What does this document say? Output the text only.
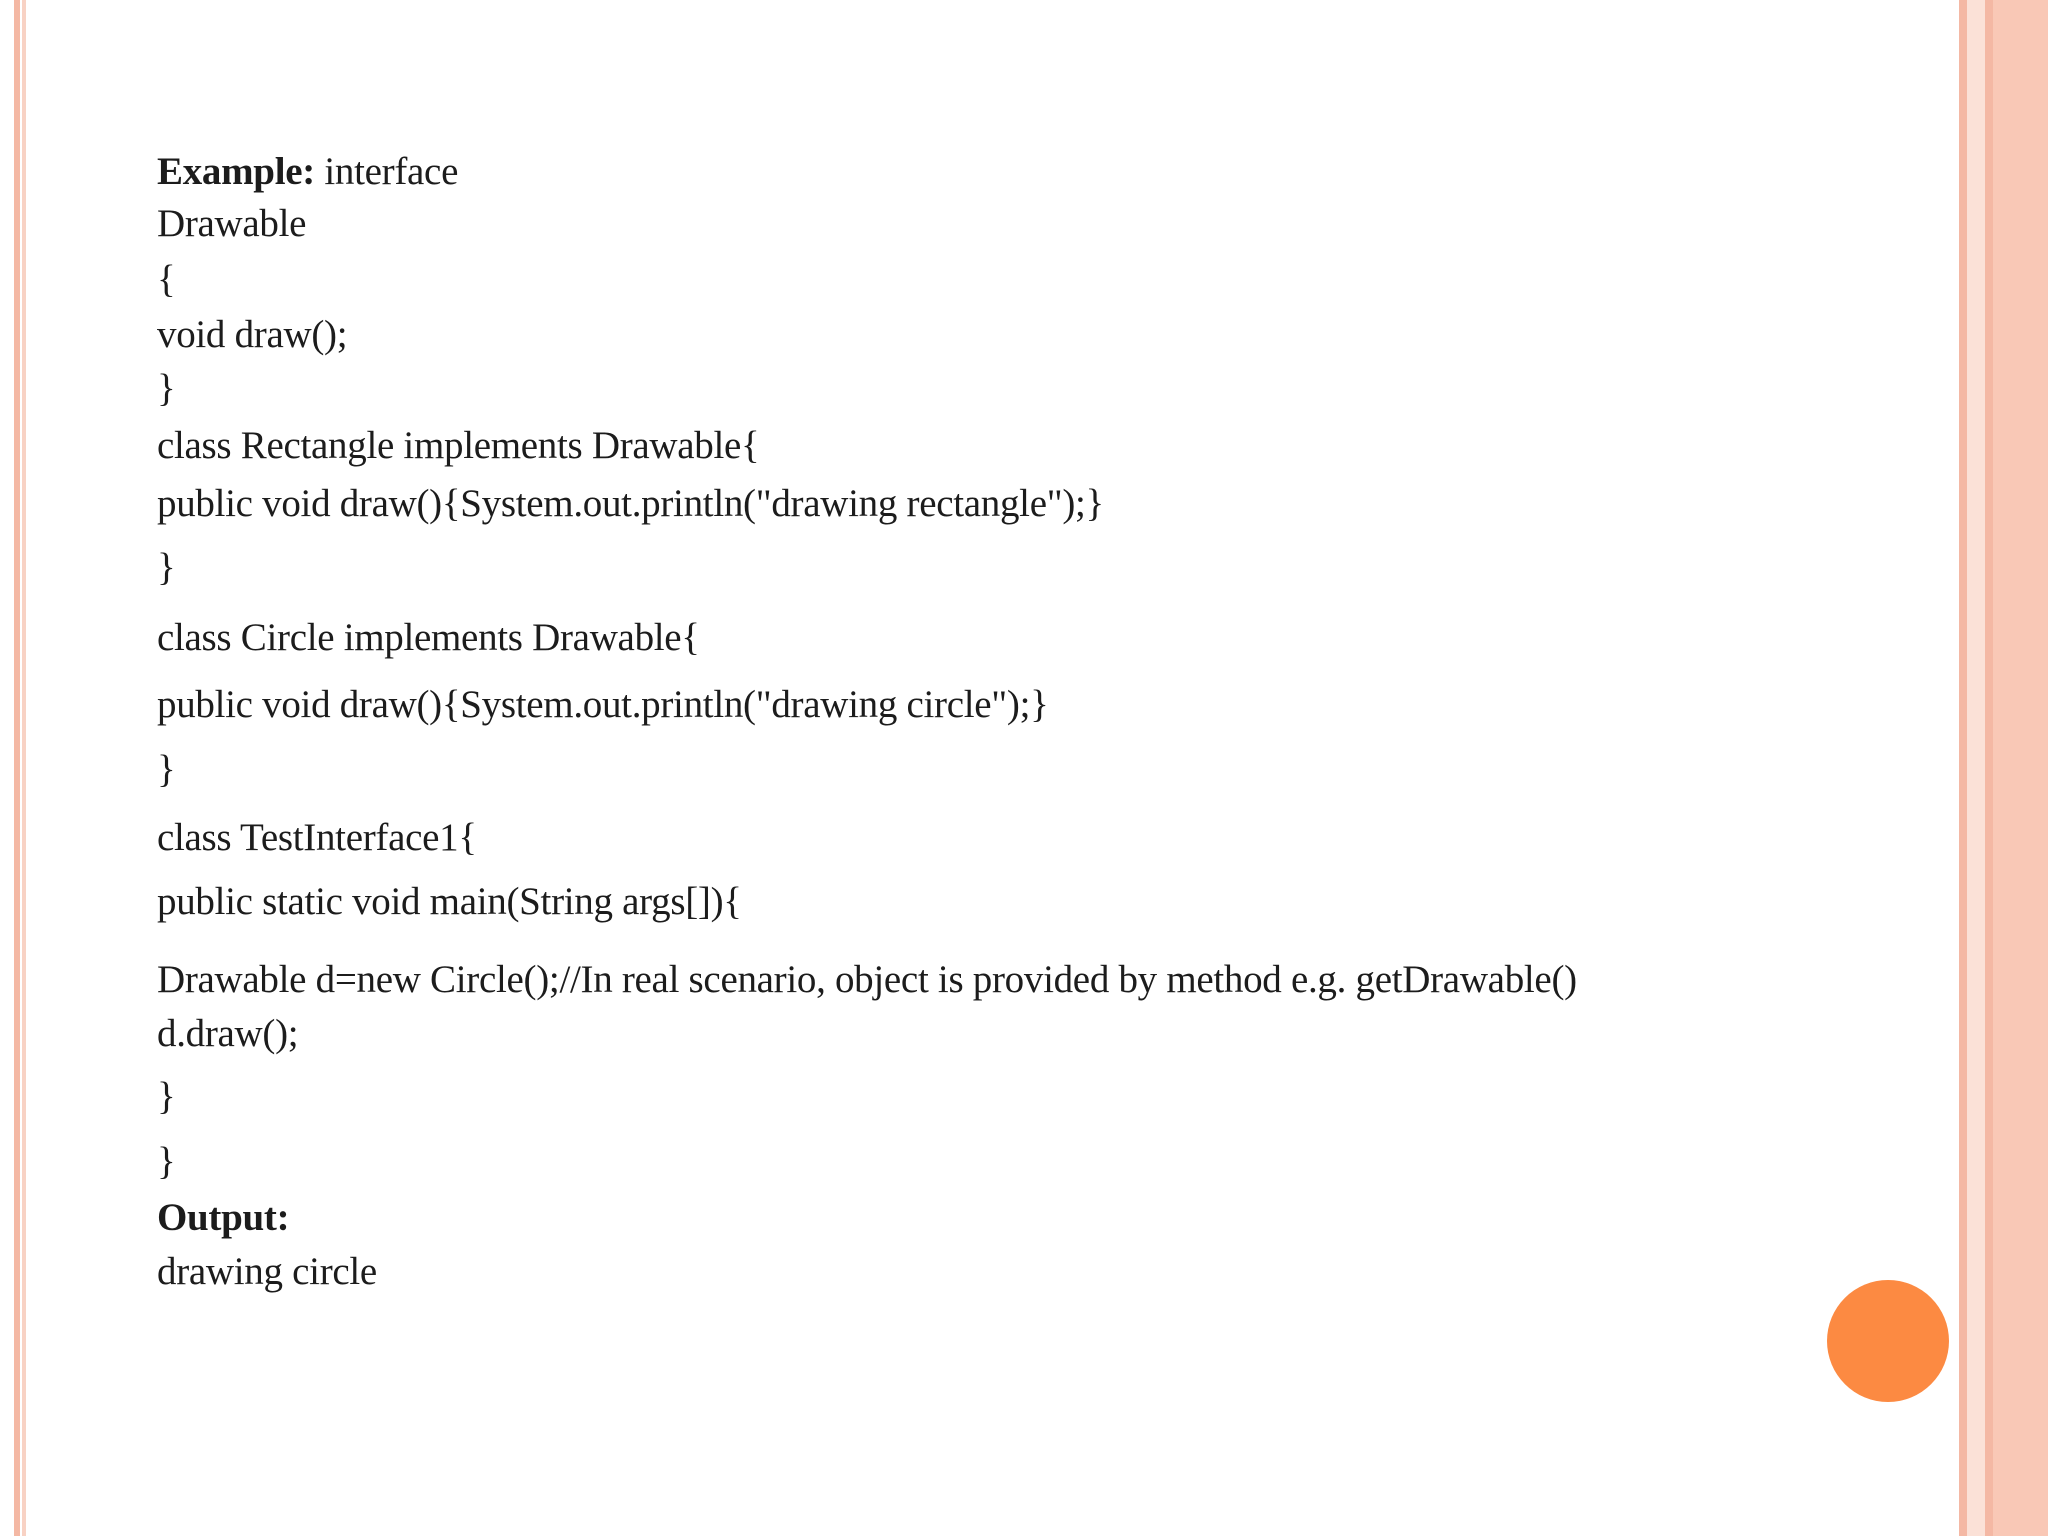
Example: interface
Drawable
{
void draw();
}
class Rectangle implements Drawable{
public void draw(){System.out.println("drawing rectangle");}
}
class Circle implements Drawable{
public void draw(){System.out.println("drawing circle");}
}
class TestInterface1{
public static void main(String args[]){
Drawable d=new Circle();//In real scenario, object is provided by method e.g. getDrawable()
d.draw();
}
}
Output:
drawing circle
